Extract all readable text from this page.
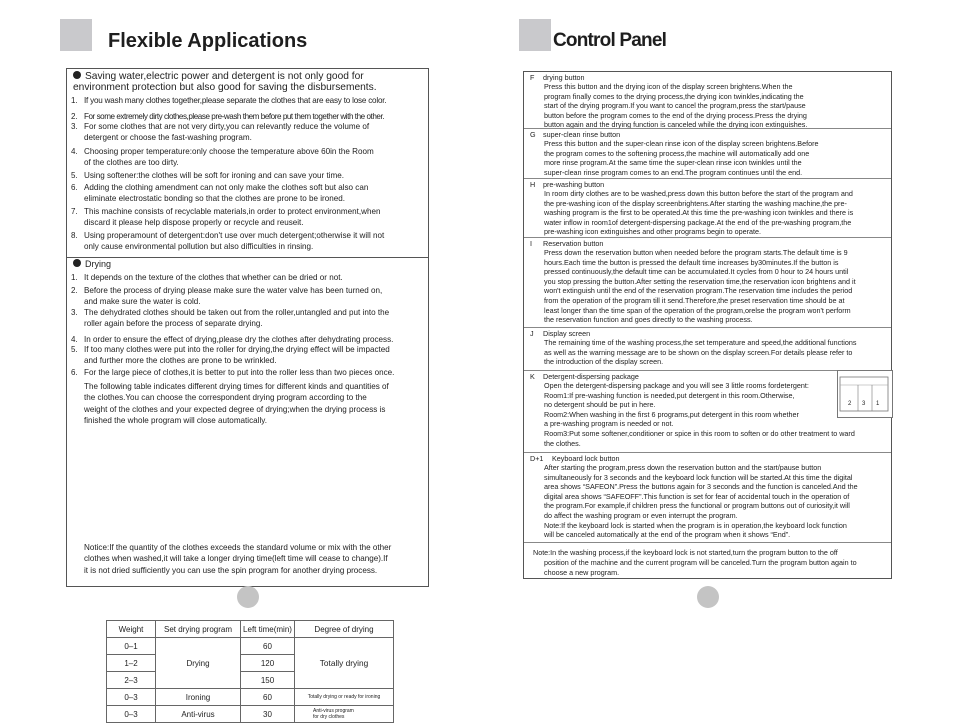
Flexible Applications
Saving water,electric power and detergent is not only good for
environment protection but also good for saving the disbursements.
1. If you wash many clothes together,please separate the clothes that are easy to lose color.
2. For some extremely dirty clothes,please pre-wash them before put them together with the other.
3. For some clothes that are not very dirty,you can relevantly reduce the volume of
detergent or choose the fast-washing program.
4. Choosing proper temperature:only choose the temperature above 60in the Room
of the clothes are too dirty.
5. Using softener:the clothes will be soft for ironing and can save your time.
6. Adding the clothing amendment can not only make the clothes soft but also can
eliminate electrostatic bonding so that the clothes are prone to be ironed.
7. This machine consists of recyclable materials,in order to protect environment,when
discard it please help dispose properly or recycle and reuseit.
8. Using properamount of detergent:don't use over much detergent;otherwise it will not
only cause environmental pollution but also difficulties in rinsing.
Drying
1. It depends on the texture of the clothes that whether can be dried or not.
2. Before the process of drying please make sure the water valve has been turned on,
and make sure the water is cold.
3. The dehydrated clothes should be taken out from the roller,untangled and put into the
roller again before the process of separate drying.
4. In order to ensure the effect of drying,please dry the clothes after dehydrating process.
5. If too many clothes were put into the roller for drying,the drying effect will be impacted
and further more the clothes are prone to be wrinkled.
6. For the large piece of clothes,it is better to put into the roller less than two pieces once.
The following table indicates different drying times for different kinds and quantities of
the clothes.You can choose the correspondent drying program according to the
weight of the clothes and your expected degree of drying;when the drying process is
finished the whole program will close automatically.
Weight	Set drying program	Left time(min)	Degree of drying
0–1	Drying	60	Totally drying
1–2		120	
2–3		150	
0–3	Ironing	60	Totally drying or ready for ironing
0–3	Anti-virus	30	Anti-virus program
for dry clothes
Notice:If the quantity of the clothes exceeds the standard volume or mix with the other
clothes when washed,it will take a longer drying time(left time will cease to change).If
it is not dried sufficiently you can use the spin program for another drying process.
Control Panel
F drying button
Press this button and the drying icon of the display screen brightens.When the
program finally comes to the drying process,the drying icon twinkles,indicating the
start of the drying program.If you want to cancel the program,press the start/pause
button before the program comes to the end of the drying process.Press the drying
button again and the drying function is canceled while the drying icon extinguishes.
G super-clean rinse button
Press this button and the super-clean rinse icon of the display screen brightens.Before
the program comes to the softening process,the machine will automatically add one
more rinse program.At the same time the super-clean rinse icon twinkles until the
super-clean rinse program comes to an end.The program continues until the end.
H pre-washing button
In room dirty clothes are to be washed,press down this button before the start of the program and
the pre-washing icon of the display screenbrightens.After starting the washing machine,the pre-
washing program is the first to be operated.At this time the pre-washing icon twinkles and there is
water inflow in room1of detergent-dispersing package.At the end of the pre-washing program,the
pre-washing icon extinguishes and other programs begin to operate.
I Reservation button
Press down the reservation button when needed before the program starts.The default time is 9
hours.Each time the button is pressed the default time increases by30minutes.If the button is
pressed continuously,the default time can be accumulated.It cycles from 0 hour to 24 hours until
you stop pressing the button.After setting the reservation time,the reservation icon brightens and it
won't extinguish until the end of the reservation program.The reservation time includes the period
from the operation of the program till it send.Therefore,the preset reservation time should be at
least longer than the time span of the operation of the program,orelse the program won't perform
the reservation function and goes directly to the washing process.
J Display screen
The remaining time of the washing process,the set temperature and speed,the additional functions
as well as the warning message are to be shown on the display screen.For details please refer to
the introduction of the display screen.
K Detergent-dispersing package
Open the detergent-dispersing package and you will see 3 little rooms fordetergent:
Room1:If pre-washing function is needed,put detergent in this room.Otherwise,
no detergent should be put in here.
Room2:When washing in the first 6 programs,put detergent in this room whether
a pre-washing program is needed or not.
Room3:Put some softener,conditioner or spice in this room to soften or do other treatment to ward
the clothes.
D+1 Keyboard lock button
After starting the program,press down the reservation button and the start/pause button
simultaneously for 3 seconds and the keyboard lock function will be started.At this time the digital
area shows “SAFEON”.Press the buttons again for 3 seconds and the function is canceled.And the
digital area shows “SAFEOFF”.This function is set for fear of accidental touch in the operation of
the program.For example,if children press the functional or program buttons out of curiosity,it will
do affect the washing program or even interrupt the program.
Note:If the keyboard lock is started when the program is in operation,the keyboard lock function
will be canceled automatically at the end of the program when it shows “End”.
2 3 1
Note:In the washing process,if the keyboard lock is not started,turn the program button to the off
position of the machine and the current program will be canceled.Turn the program button again to
choose a new program.
